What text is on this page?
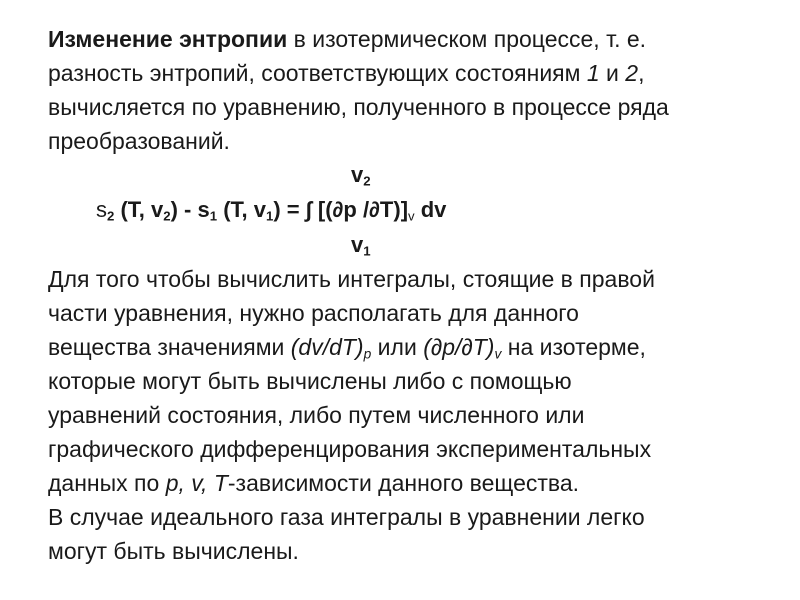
Изменение энтропии в изотермическом процессе, т. е.
разность энтропий, соответствующих состояниям 1 и 2,
вычисляется по уравнению, полученного в процессе ряда
преобразований.

$v_2$
$s_2$ (T, $v_2) - s_1$ (T, $v_1$) = ∫ [(∂p $/\partial T)]_v$ dv
$v_1$

Для того чтобы вычислить интегралы, стоящие в правой
части уравнения, нужно располагать для данного
вещества значениями $(dv/dT)_p$ или $(\partial p/\partial T)_v$ на изотерме,
которые могут быть вычислены либо с помощью
уравнений состояния, либо путем численного или
графического дифференцирования экспериментальных
данных по p, v, T-зависимости данного вещества.
В случае идеального газа интегралы в уравнении легко
могут быть вычислены.
